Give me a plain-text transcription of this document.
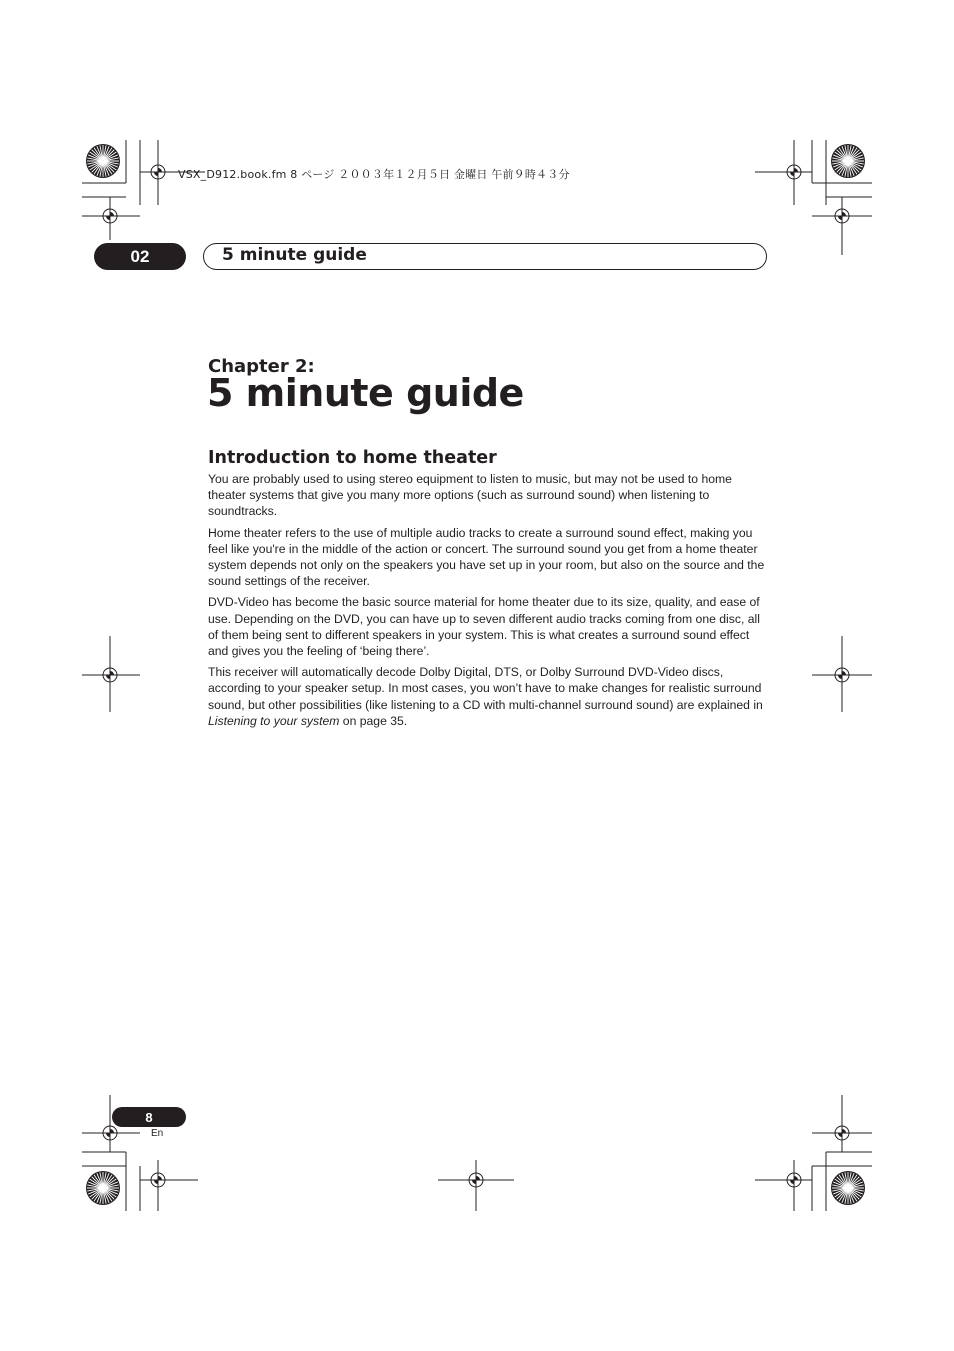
VSX_D912.book.fm 8 ページ ２００３年１２月５日 金曜日 午前９時４３分
02	5 minute guide
Chapter 2:
5 minute guide
Introduction to home theater

You are probably used to using stereo equipment to listen to music, but may not be used to home theater systems that give you many more options (such as surround sound) when listening to soundtracks.

Home theater refers to the use of multiple audio tracks to create a surround sound effect, making you feel like you're in the middle of the action or concert. The surround sound you get from a home theater system depends not only on the speakers you have set up in your room, but also on the source and the sound settings of the receiver.

DVD-Video has become the basic source material for home theater due to its size, quality, and ease of use. Depending on the DVD, you can have up to seven different audio tracks coming from one disc, all of them being sent to different speakers in your system. This is what creates a surround sound effect and gives you the feeling of ‘being there’.

This receiver will automatically decode Dolby Digital, DTS, or Dolby Surround DVD-Video discs, according to your speaker setup. In most cases, you won’t have to make changes for realistic surround sound, but other possibilities (like listening to a CD with multi-channel surround sound) are explained in Listening to your system on page 35.

8
En
